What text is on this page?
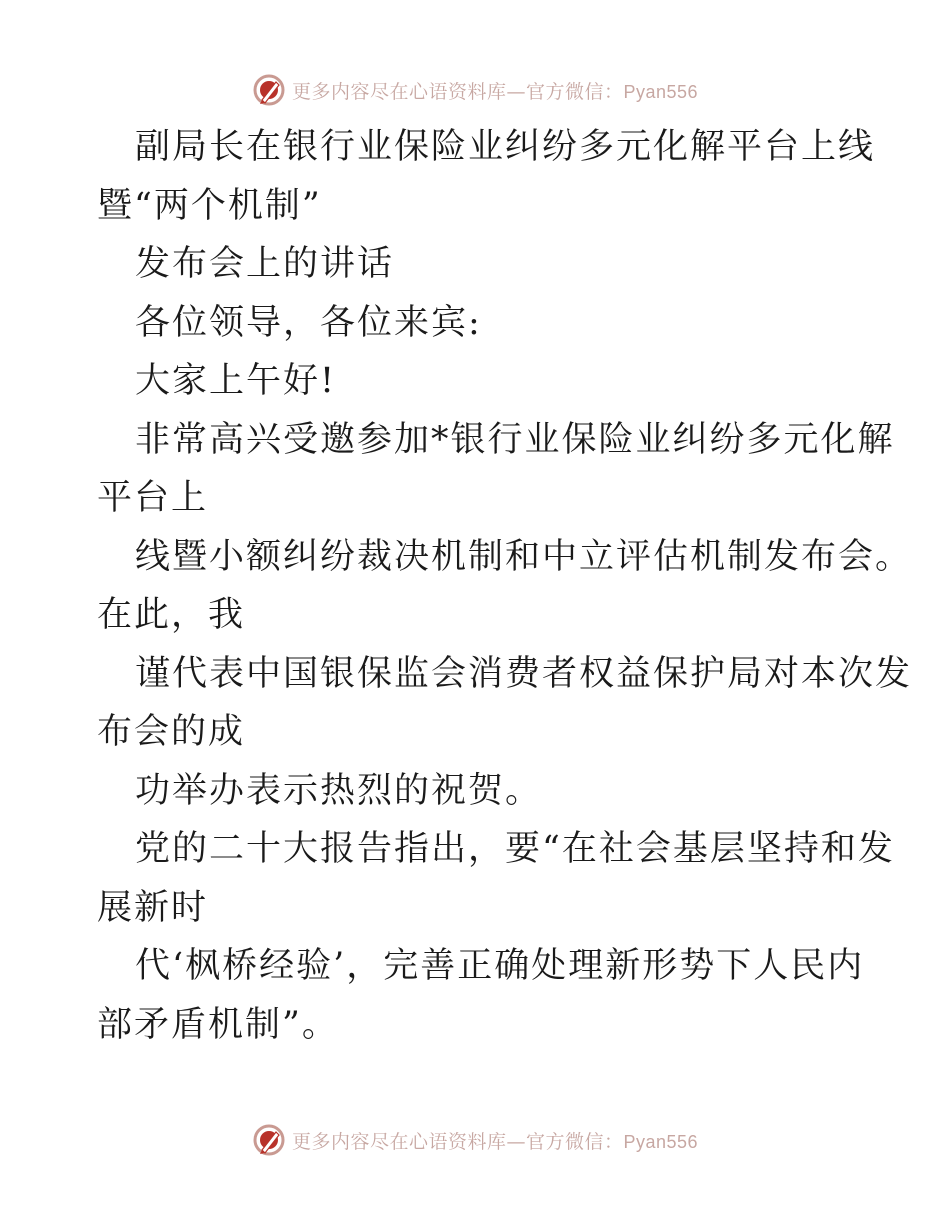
更多内容尽在心语资料库—官方微信：Pyan556
副局长在银行业保险业纠纷多元化解平台上线
暨“两个机制”
发布会上的讲话
各位领导，各位来宾:
大家上午好!
非常高兴受邀参加*银行业保险业纠纷多元化解
平台上
线暨小额纠纷裁决机制和中立评估机制发布会。
在此，我
谨代表中国银保监会消费者权益保护局对本次发
布会的成
功举办表示热烈的祝贺。
党的二十大报告指出，要“在社会基层坚持和发
展新时
代‘枫桥经验’，完善正确处理新形势下人民内
部矛盾机制”。
更多内容尽在心语资料库—官方微信：Pyan556
